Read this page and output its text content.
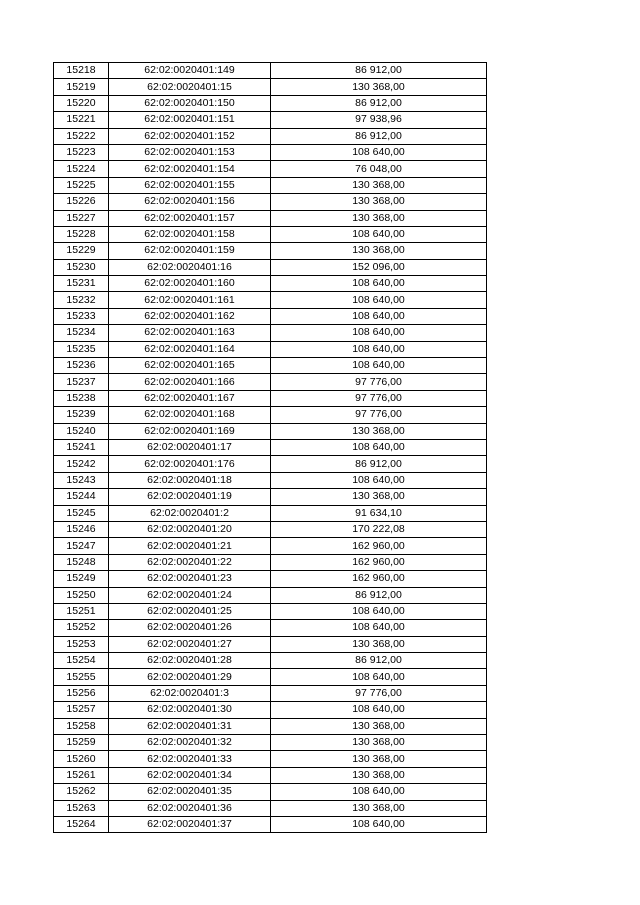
15218	62:02:0020401:149	86 912,00
15219	62:02:0020401:15	130 368,00
15220	62:02:0020401:150	86 912,00
15221	62:02:0020401:151	97 938,96
15222	62:02:0020401:152	86 912,00
15223	62:02:0020401:153	108 640,00
15224	62:02:0020401:154	76 048,00
15225	62:02:0020401:155	130 368,00
15226	62:02:0020401:156	130 368,00
15227	62:02:0020401:157	130 368,00
15228	62:02:0020401:158	108 640,00
15229	62:02:0020401:159	130 368,00
15230	62:02:0020401:16	152 096,00
15231	62:02:0020401:160	108 640,00
15232	62:02:0020401:161	108 640,00
15233	62:02:0020401:162	108 640,00
15234	62:02:0020401:163	108 640,00
15235	62:02:0020401:164	108 640,00
15236	62:02:0020401:165	108 640,00
15237	62:02:0020401:166	97 776,00
15238	62:02:0020401:167	97 776,00
15239	62:02:0020401:168	97 776,00
15240	62:02:0020401:169	130 368,00
15241	62:02:0020401:17	108 640,00
15242	62:02:0020401:176	86 912,00
15243	62:02:0020401:18	108 640,00
15244	62:02:0020401:19	130 368,00
15245	62:02:0020401:2	91 634,10
15246	62:02:0020401:20	170 222,08
15247	62:02:0020401:21	162 960,00
15248	62:02:0020401:22	162 960,00
15249	62:02:0020401:23	162 960,00
15250	62:02:0020401:24	86 912,00
15251	62:02:0020401:25	108 640,00
15252	62:02:0020401:26	108 640,00
15253	62:02:0020401:27	130 368,00
15254	62:02:0020401:28	86 912,00
15255	62:02:0020401:29	108 640,00
15256	62:02:0020401:3	97 776,00
15257	62:02:0020401:30	108 640,00
15258	62:02:0020401:31	130 368,00
15259	62:02:0020401:32	130 368,00
15260	62:02:0020401:33	130 368,00
15261	62:02:0020401:34	130 368,00
15262	62:02:0020401:35	108 640,00
15263	62:02:0020401:36	130 368,00
15264	62:02:0020401:37	108 640,00
